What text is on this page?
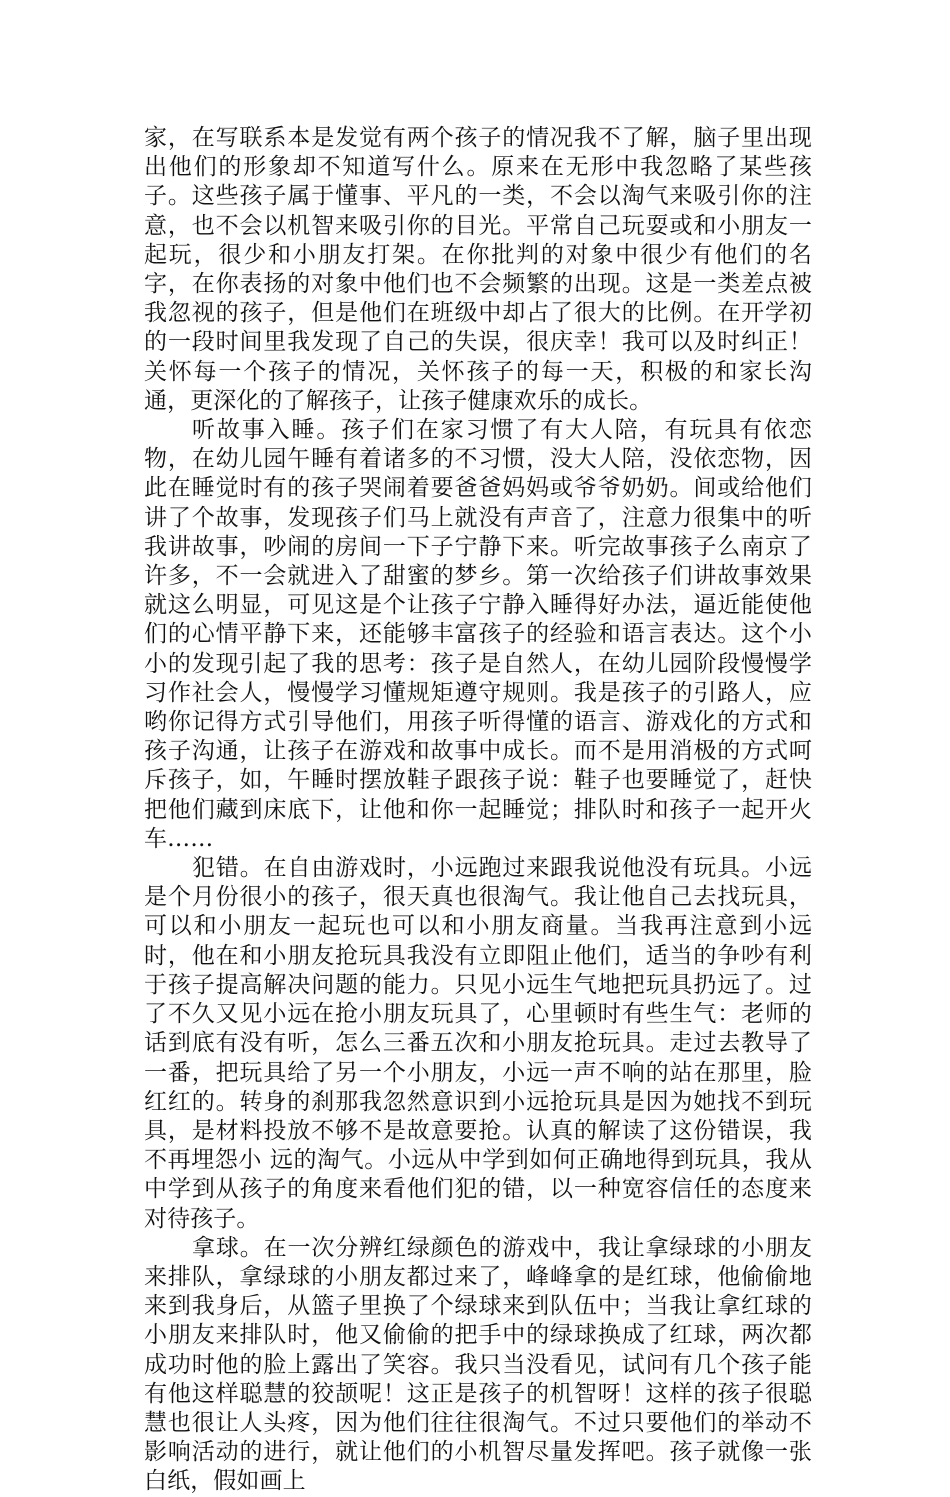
家，在写联系本是发觉有两个孩子的情况我不了解，脑子里出现出他们的形象却不知道写什么。原来在无形中我忽略了某些孩子。这些孩子属于懂事、平凡的一类，不会以淘气来吸引你的注意，也不会以机智来吸引你的目光。平常自己玩耍或和小朋友一起玩，很少和小朋友打架。在你批判的对象中很少有他们的名字，在你表扬的对象中他们也不会频繁的出现。这是一类差点被我忽视的孩子，但是他们在班级中却占了很大的比例。在开学初的一段时间里我发现了自己的失误，很庆幸！我可以及时纠正！关怀每一个孩子的情况，关怀孩子的每一天，积极的和家长沟通，更深化的了解孩子，让孩子健康欢乐的成长。

听故事入睡。孩子们在家习惯了有大人陪，有玩具有依恋物，在幼儿园午睡有着诸多的不习惯，没大人陪，没依恋物，因此在睡觉时有的孩子哭闹着要爸爸妈妈或爷爷奶奶。间或给他们讲了个故事，发现孩子们马上就没有声音了，注意力很集中的听我讲故事，吵闹的房间一下子宁静下来。听完故事孩子么南京了许多，不一会就进入了甜蜜的梦乡。第一次给孩子们讲故事效果就这么明显，可见这是个让孩子宁静入睡得好办法，逼近能使他们的心情平静下来，还能够丰富孩子的经验和语言表达。这个小小的发现引起了我的思考：孩子是自然人，在幼儿园阶段慢慢学习作社会人，慢慢学习懂规矩遵守规则。我是孩子的引路人，应哟你记得方式引导他们，用孩子听得懂的语言、游戏化的方式和孩子沟通，让孩子在游戏和故事中成长。而不是用消极的方式呵斥孩子，如，午睡时摆放鞋子跟孩子说：鞋子也要睡觉了，赶快把他们藏到床底下，让他和你一起睡觉；排队时和孩子一起开火车……

犯错。在自由游戏时，小远跑过来跟我说他没有玩具。小远是个月份很小的孩子，很天真也很淘气。我让他自己去找玩具，可以和小朋友一起玩也可以和小朋友商量。当我再注意到小远时，他在和小朋友抢玩具我没有立即阻止他们，适当的争吵有利于孩子提高解决问题的能力。只见小远生气地把玩具扔远了。过了不久又见小远在抢小朋友玩具了，心里顿时有些生气：老师的话到底有没有听，怎么三番五次和小朋友抢玩具。走过去教导了一番，把玩具给了另一个小朋友，小远一声不响的站在那里，脸红红的。转身的刹那我忽然意识到小远抢玩具是因为她找不到玩具，是材料投放不够不是故意要抢。认真的解读了这份错误，我不再埋怨小 远的淘气。小远从中学到如何正确地得到玩具，我从中学到从孩子的角度来看他们犯的错，以一种宽容信任的态度来对待孩子。

拿球。在一次分辨红绿颜色的游戏中，我让拿绿球的小朋友来排队，拿绿球的小朋友都过来了，峰峰拿的是红球，他偷偷地来到我身后，从篮子里换了个绿球来到队伍中；当我让拿红球的小朋友来排队时，他又偷偷的把手中的绿球换成了红球，两次都成功时他的脸上露出了笑容。我只当没看见，试问有几个孩子能有他这样聪慧的狡颉呢！这正是孩子的机智呀！这样的孩子很聪慧也很让人头疼，因为他们往往很淘气。不过只要他们的举动不影响活动的进行，就让他们的小机智尽量发挥吧。孩子就像一张白纸，假如画上
